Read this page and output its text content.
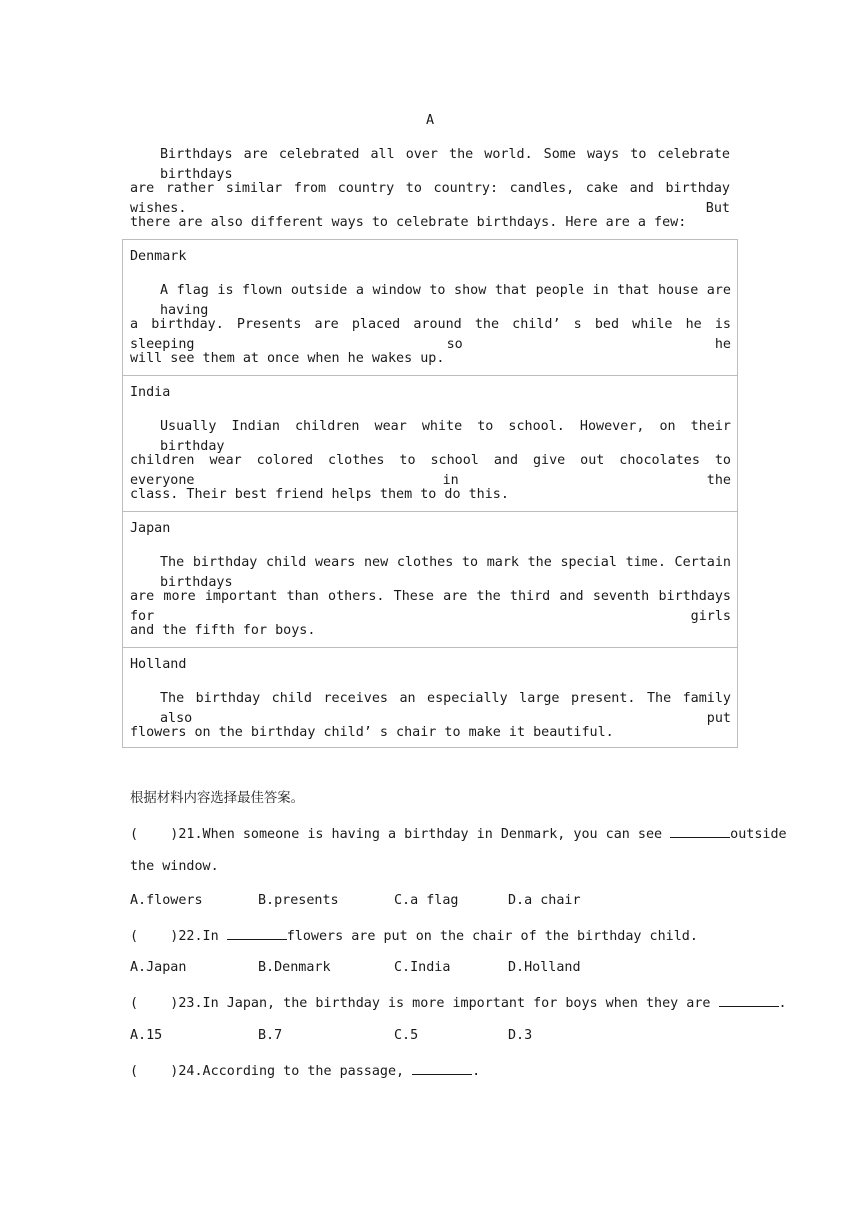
A
Birthdays are celebrated all over the world. Some ways to celebrate birthdays
are rather similar from country to country: candles, cake and birthday wishes. But
there are also different ways to celebrate birthdays. Here are a few:
Denmark
A flag is flown outside a window to show that people in that house are having
a birthday. Presents are placed around the child’ s bed while he is sleeping so he
will see them at once when he wakes up.
India
Usually Indian children wear white to school. However, on their birthday
children wear colored clothes to school and give out chocolates to everyone in the
class. Their best friend helps them to do this.
Japan
The birthday child wears new clothes to mark the special time. Certain birthdays
are more important than others. These are the third and seventh birthdays for girls
and the fifth for boys.
Holland
The birthday child receives an especially large present. The family also put
flowers on the birthday child’ s chair to make it beautiful.
根据材料内容选择最佳答案。
(    )21.When someone is having a birthday in Denmark, you can see	outside
the window.
A.flowers	B.presents	C.a flag	D.a chair
(    )22.In	flowers are put on the chair of the birthday child.
A.Japan	B.Denmark	C.India	D.Holland
(    )23.In Japan, the birthday is more important for boys when they are	.
A.15	B.7	C.5	D.3
(    )24.According to the passage,	.
